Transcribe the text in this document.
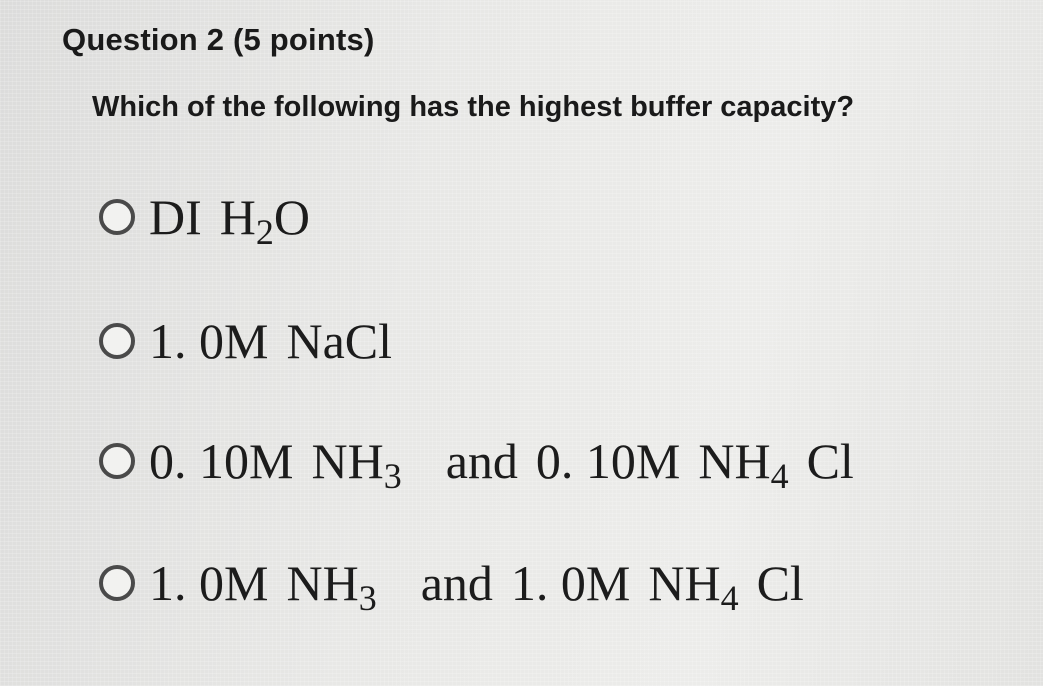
Question 2 (5 points)
Which of the following has the highest buffer capacity?
DI $H_2O$
1. 0M NaCl
0. 10M $NH_3$ and 0. 10M $NH_4$ Cl
1. 0M $NH_3$ and 1. 0M $NH_4$ Cl
